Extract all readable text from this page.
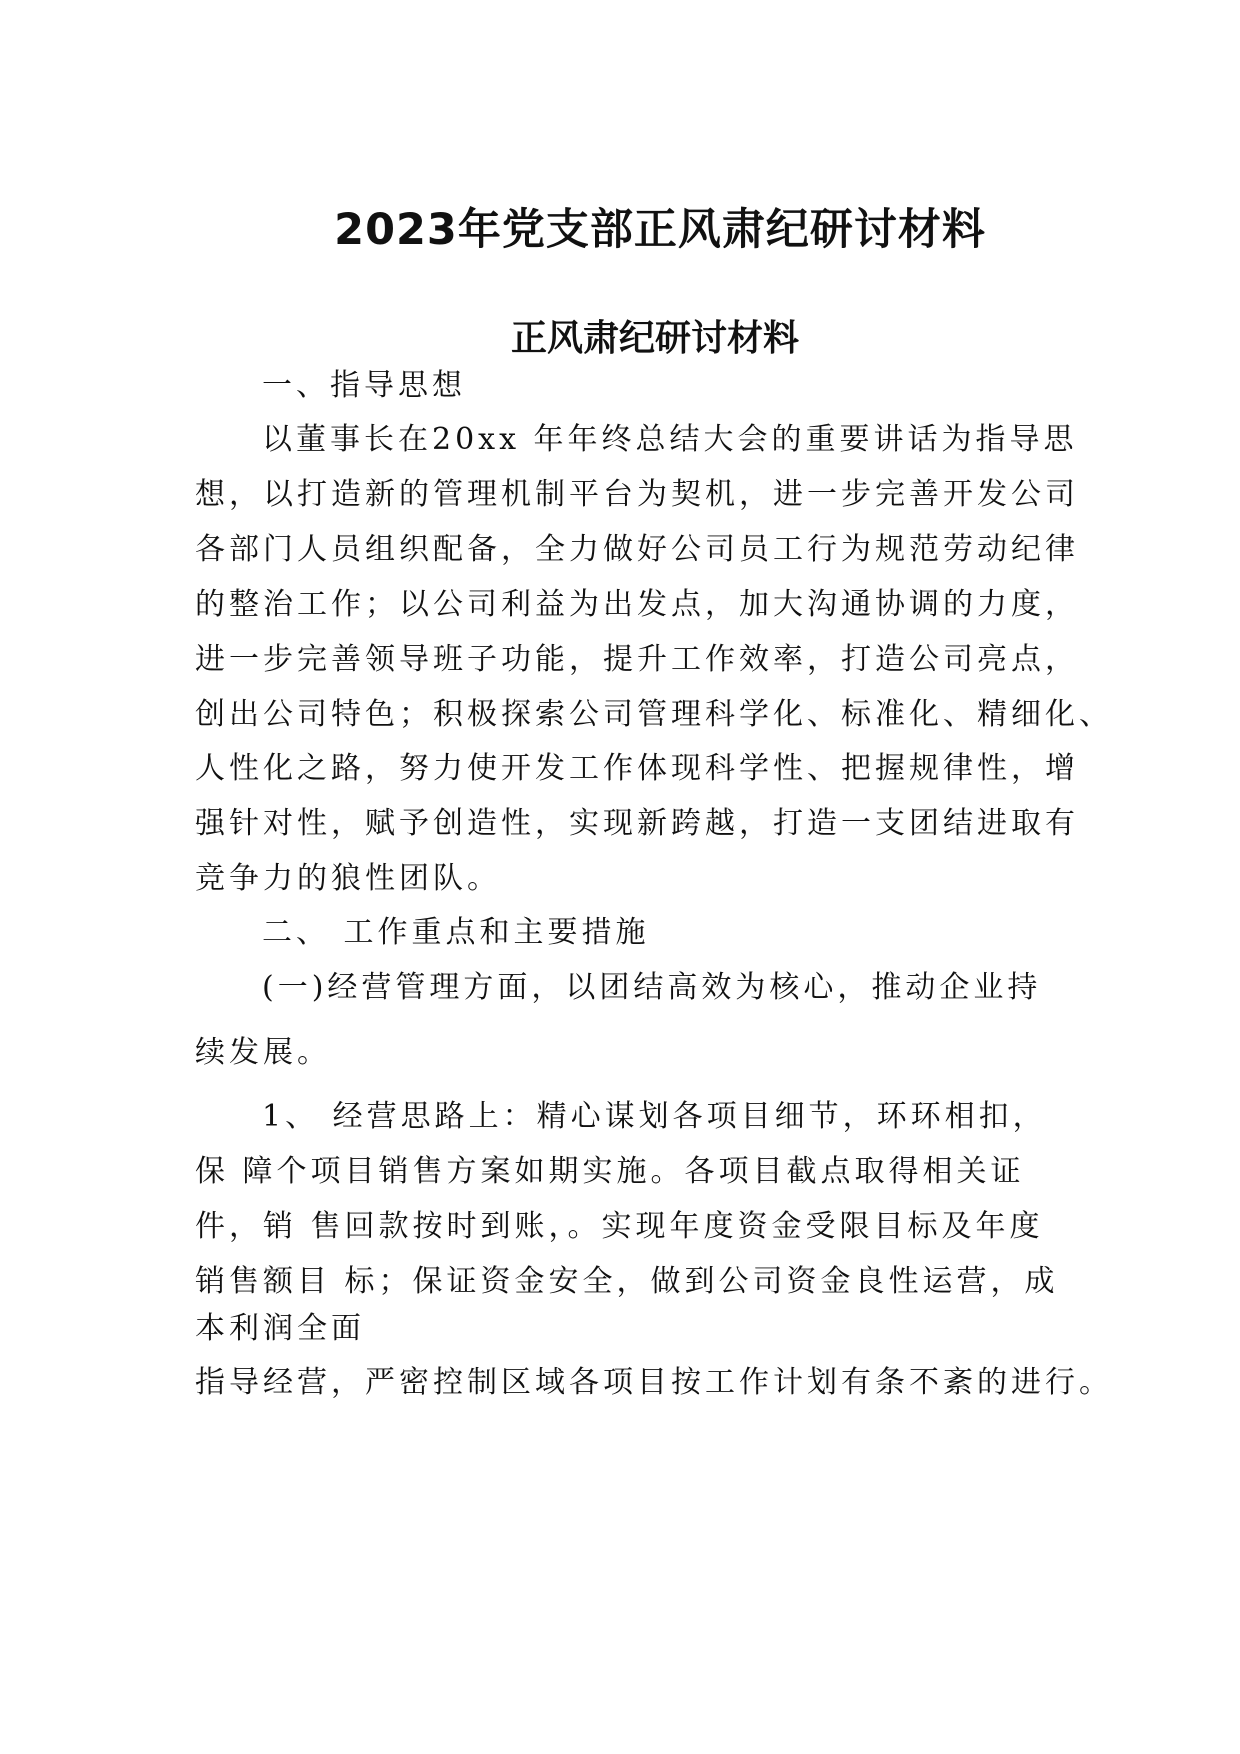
2023年党支部正风肃纪研讨材料
正风肃纪研讨材料

一、指导思想

以董事长在20xx 年年终总结大会的重要讲话为指导思

想，以打造新的管理机制平台为契机，进一步完善开发公司

各部门人员组织配备，全力做好公司员工行为规范劳动纪律

的整治工作；以公司利益为出发点，加大沟通协调的力度，

进一步完善领导班子功能，提升工作效率，打造公司亮点，

创出公司特色；积极探索公司管理科学化、标准化、精细化、

人性化之路，努力使开发工作体现科学性、把握规律性，增

强针对性，赋予创造性，实现新跨越，打造一支团结进取有

竞争力的狼性团队。

二、 工作重点和主要措施

(一)经营管理方面，以团结高效为核心，推动企业持

续发展。

1、 经营思路上：精心谋划各项目细节，环环相扣，

保 障个项目销售方案如期实施。各项目截点取得相关证

件，销 售回款按时到账，。实现年度资金受限目标及年度

销售额目 标；保证资金安全，做到公司资金良性运营，成

本利润全面

指导经营，严密控制区域各项目按工作计划有条不紊的进行。
